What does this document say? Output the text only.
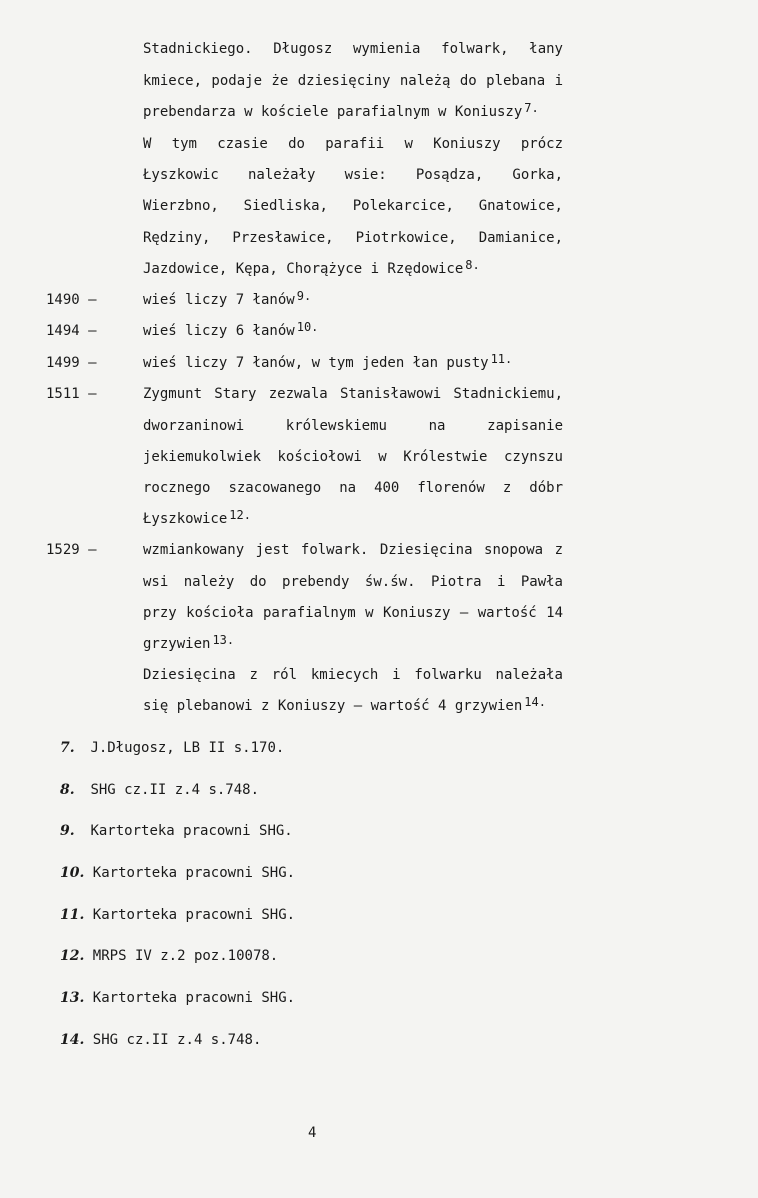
Stadnickiego. Długosz wymienia folwark, łany
kmiece, podaje że dziesięciny należą do plebana i
prebendarza w kościele parafialnym w Koniuszy $^{7.}$
W tym czasie do parafii w Koniuszy prócz
Łyszkowic należały wsie: Posądza, Gorka,
Wierzbno, Siedliska, Polekarcice, Gnatowice,
Rędziny, Przesławice, Piotrkowice, Damianice,
Jazdowice, Kępa, Chorążyce i Rzędowice $^{8.}$
1490 –	wieś liczy 7 łanów $^{9.}$
1494 –	wieś liczy 6 łanów $^{10.}$
1499 –	wieś liczy 7 łanów, w tym jeden łan pusty $^{11.}$
1511 –	Zygmunt Stary zezwala Stanisławowi Stadnickiemu,
dworzaninowi królewskiemu na zapisanie
jekiemukolwiek kościołowi w Królestwie czynszu
rocznego szacowanego na 400 florenów z dóbr
Łyszkowice $^{12.}$
1529 –	wzmiankowany jest folwark. Dziesięcina snopowa z
wsi należy do prebendy św.św. Piotra i Pawła
przy kościoła parafialnym w Koniuszy – wartość 14
grzywien $^{13.}$
Dziesięcina z ról kmiecych i folwarku należała
się plebanowi z Koniuszy – wartość 4 grzywien $^{14.}$
7. J.Długosz, LB II s.170.
8. SHG cz.II z.4 s.748.
9. Kartorteka pracowni SHG.
10. Kartorteka pracowni SHG.
11. Kartorteka pracowni SHG.
12. MRPS IV z.2 poz.10078.
13. Kartorteka pracowni SHG.
14. SHG cz.II z.4 s.748.
4
